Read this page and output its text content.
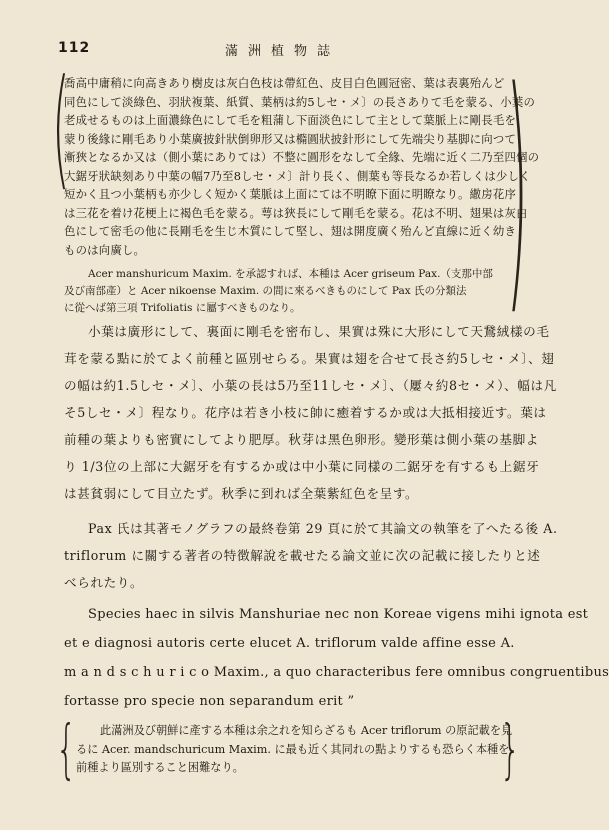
112	滿洲植物誌
(
喬高中庸稍に向高きあり樹皮は灰白色枝は帶紅色、皮目白色圓冠密、葉は表裏殆んど
同色にして淡綠色、羽狀複葉、紙質、葉柄は約5しセ・メ〕の長さありて毛を蒙る、小葉の
老成せるものは上面濃綠色にして毛を粗蒲し下面淡色にして主として葉脈上に剛長毛を
蒙り後緣に剛毛あり小葉廣披針狀倒卵形又は橢圓狀披針形にして先端尖り基脚に向つて
漸狹となるか又は（側小葉にありては）不整に圓形をなして全緣、先端に近く二乃至四個の
大鋸牙狀缺刻あり中葉の幅7乃至8しセ・メ〕計り長く、側葉も等長なるか若しくは少しく
短かく且つ小葉柄も亦少しく短かく葉脈は上面にては不明瞭下面に明瞭なり。繖房花序
は三花を着け花梗上に褐色毛を蒙る。萼は狹長にして剛毛を蒙る。花は不明、翅果は灰白
色にして密毛の他に長剛毛を生じ木質にして堅し、翅は開度廣く殆んど直線に近く幼き
ものは向廣し。
Acer manshuricum Maxim. を承認すれば、本種は Acer griseum Pax.（支那中部
及び南部產）と Acer nikoense Maxim. の間に來るべきものにして Pax 氏の分類法
に從へば第三項 Trifoliatis に屬すべきものなり。 )
小葉は廣形にして、裏面に剛毛を密布し、果實は殊に大形にして天鵞絨樣の毛
茸を蒙る點に於てよく前種と區別せらる。果實は翅を合せて長さ約5しセ・メ〕、翅
の幅は約1.5しセ・メ〕、小葉の長は5乃至11しセ・メ〕、（屢々約8セ・メ）、幅は凡
そ5しセ・メ〕程なり。花序は若き小枝に帥に癒着するか或は大抵相接近す。葉は
前種の葉よりも密實にしてより肥厚。秋芽は黑色卵形。變形葉は側小葉の基脚よ
り 1/3位の上部に大鋸牙を有するか或は中小葉に同樣の二鋸牙を有するも上鋸牙
は甚貧弱にして目立たず。秋季に到れば全葉紫紅色を呈す。
Pax 氏は其著モノグラフの最終卷第 29 頁に於て其論文の執筆を了へたる後 A.
triflorum に關する著者の特徴解說を載せたる論文並に次の記載に接したりと述
べられたり。
Species haec in silvis Manshuriae nec non Koreae vigens mihi ignota est
et e diagnosi autoris certe elucet A. triflorum valde affine esse A.
m a n d s c h u r i c o Maxim., a quo characteribus fere omnibus congruentibus
fortasse pro specie non separandum erit ”
{	此滿洲及び朝鮮に產する本種は余之れを知らざるも Acer triflorum の原記載を見
るに Acer. mandschuricum Maxim. に最も近く其同れの點よりするも恐らく本種を
前種より區別すること困難なり。	}
